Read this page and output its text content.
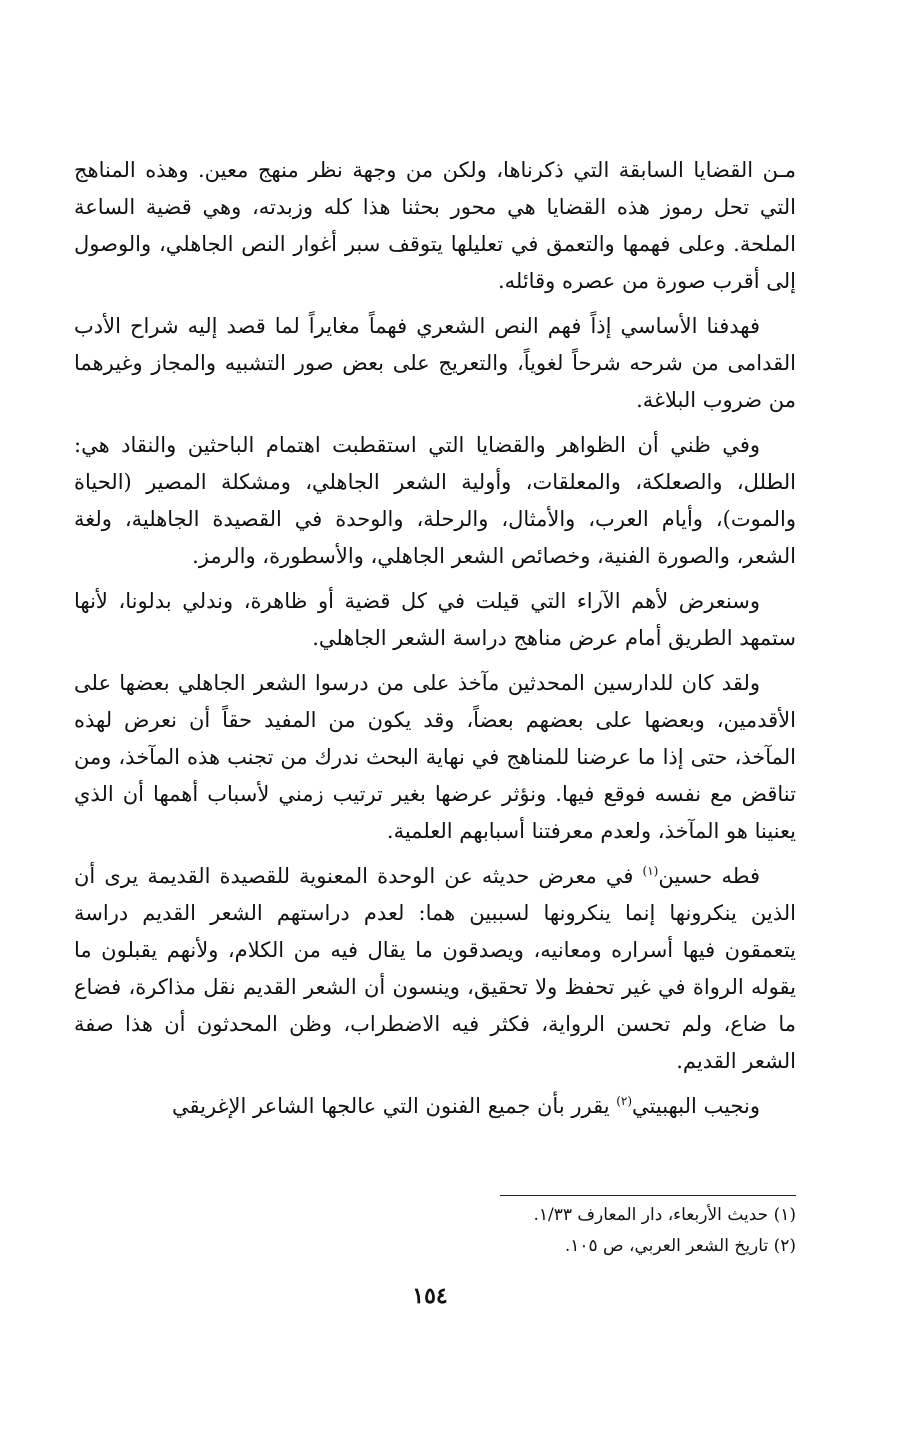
مـن القضايا السابقة التي ذكرناها، ولكن من وجهة نظر منهج معين. وهذه المناهج التي تحل رموز هذه القضايا هي محور بحثنا هذا كله وزبدته، وهي قضية الساعة الملحة. وعلى فهمها والتعمق في تعليلها يتوقف سبر أغوار النص الجاهلي، والوصول إلى أقرب صورة من عصره وقائله.

فهدفنا الأساسي إذاً فهم النص الشعري فهماً مغايراً لما قصد إليه شراح الأدب القدامى من شرحه شرحاً لغوياً، والتعريج على بعض صور التشبيه والمجاز وغيرهما من ضروب البلاغة.

وفي ظني أن الظواهر والقضايا التي استقطبت اهتمام الباحثين والنقاد هي: الطلل، والصعلكة، والمعلقات، وأولية الشعر الجاهلي، ومشكلة المصير (الحياة والموت)، وأيام العرب، والأمثال، والرحلة، والوحدة في القصيدة الجاهلية، ولغة الشعر، والصورة الفنية، وخصائص الشعر الجاهلي، والأسطورة، والرمز.

وسنعرض لأهم الآراء التي قيلت في كل قضية أو ظاهرة، وندلي بدلونا، لأنها ستمهد الطريق أمام عرض مناهج دراسة الشعر الجاهلي.

ولقد كان للدارسين المحدثين مآخذ على من درسوا الشعر الجاهلي بعضها على الأقدمين، وبعضها على بعضهم بعضاً، وقد يكون من المفيد حقاً أن نعرض لهذه المآخذ، حتى إذا ما عرضنا للمناهج في نهاية البحث ندرك من تجنب هذه المآخذ، ومن تناقض مع نفسه فوقع فيها. ونؤثر عرضها بغير ترتيب زمني لأسباب أهمها أن الذي يعنينا هو المآخذ، ولعدم معرفتنا أسبابهم العلمية.

فطه حسين$^{(١)}$ في معرض حديثه عن الوحدة المعنوية للقصيدة القديمة يرى أن الذين ينكرونها إنما ينكرونها لسببين هما: لعدم دراستهم الشعر القديم دراسة يتعمقون فيها أسراره ومعانيه، ويصدقون ما يقال فيه من الكلام، ولأنهم يقبلون ما يقوله الرواة في غير تحفظ ولا تحقيق، وينسون أن الشعر القديم نقل مذاكرة، فضاع ما ضاع، ولم تحسن الرواية، فكثر فيه الاضطراب، وظن المحدثون أن هذا صفة الشعر القديم.

ونجيب البهبيتي$^{(٢)}$ يقرر بأن جميع الفنون التي عالجها الشاعر الإغريقي

(١) حديث الأربعاء، دار المعارف ١/٣٣.

(٢) تاريخ الشعر العربي، ص ١٠٥.

١٥٤
